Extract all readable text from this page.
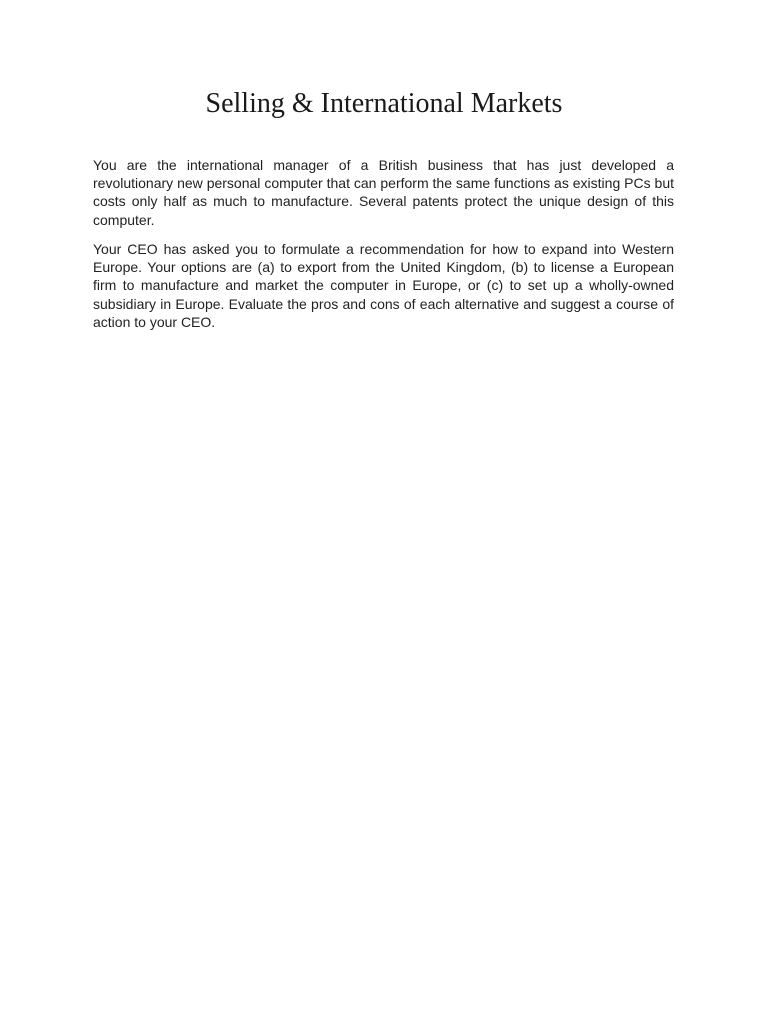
Selling & International Markets

You are the international manager of a British business that has just developed a revolutionary new personal computer that can perform the same functions as existing PCs but costs only half as much to manufacture. Several patents protect the unique design of this computer.

Your CEO has asked you to formulate a recommendation for how to expand into Western Europe. Your options are (a) to export from the United Kingdom, (b) to license a European firm to manufacture and market the computer in Europe, or (c) to set up a wholly-owned subsidiary in Europe. Evaluate the pros and cons of each alternative and suggest a course of action to your CEO.
